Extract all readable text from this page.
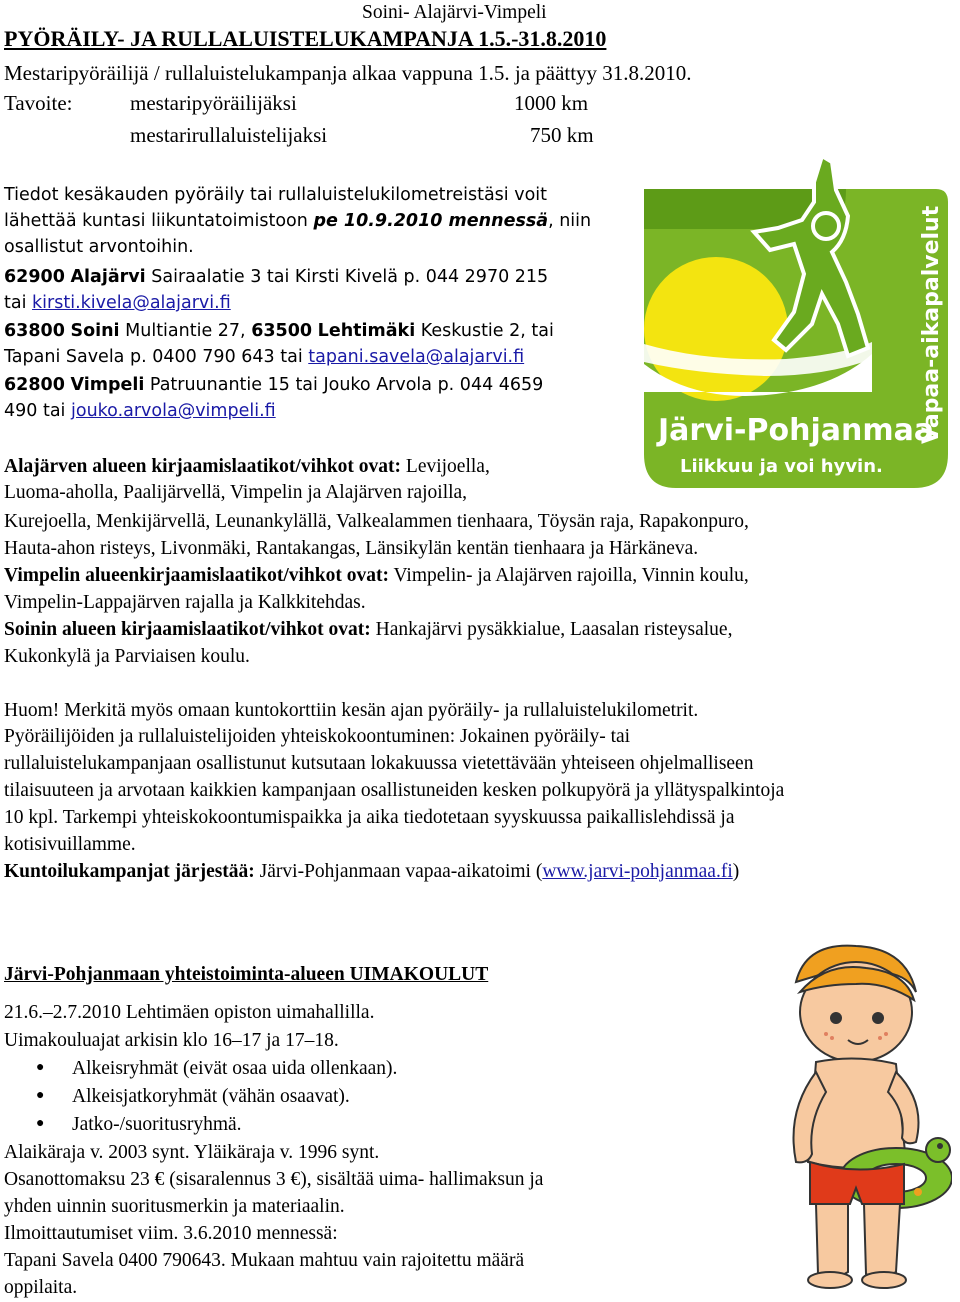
Soini- Alajärvi-Vimpeli
PYÖRÄILY- JA RULLALUISTELUKAMPANJA 1.5.-31.8.2010
Mestaripyöräilijä / rullaluistelukampanja alkaa vappuna 1.5. ja päättyy 31.8.2010.
Tavoite:	mestaripyöräilijäksi	1000 km
mestarirullaluistelijaksi	750 km
Tiedot kesäkauden pyöräily tai rullaluistelukilometreistäsi voit
lähettää kuntasi liikuntatoimistoon pe 10.9.2010 mennessä, niin
osallistut arvontoihin.
62900 Alajärvi Sairaalatie 3 tai Kirsti Kivelä p. 044 2970 215
tai kirsti.kivela@alajarvi.fi
63800 Soini Multiantie 27, 63500 Lehtimäki Keskustie 2, tai
Tapani Savela p. 0400 790 643 tai tapani.savela@alajarvi.fi
62800 Vimpeli Patruunantie 15 tai Jouko Arvola p. 044 4659
490 tai jouko.arvola@vimpeli.fi
Alajärven alueen kirjaamislaatikot/vihkot ovat: Levijoella,
Luoma-aholla, Paalijärvellä, Vimpelin ja Alajärven rajoilla,
Kurejoella, Menkijärvellä, Leunankylällä, Valkealammen tienhaara, Töysän raja, Rapakonpuro,
Hauta-ahon risteys, Livonmäki, Rantakangas, Länsikylän kentän tienhaara ja Härkäneva.
Vimpelin alueenkirjaamislaatikot/vihkot ovat: Vimpelin- ja Alajärven rajoilla, Vinnin koulu,
Vimpelin-Lappajärven rajalla ja Kalkkitehdas.
Soinin alueen kirjaamislaatikot/vihkot ovat: Hankajärvi pysäkkialue, Laasalan risteysalue,
Kukonkylä ja Parviaisen koulu.
Huom! Merkitä myös omaan kuntokorttiin kesän ajan pyöräily- ja rullaluistelukilometrit.
Pyöräilijöiden ja rullaluistelijoiden yhteiskokoontuminen: Jokainen pyöräily- tai
rullaluistelukampanjaan osallistunut kutsutaan lokakuussa vietettävään yhteiseen ohjelmalliseen
tilaisuuteen ja arvotaan kaikkien kampanjaan osallistuneiden kesken polkupyörä ja yllätyspalkintoja
10 kpl. Tarkempi yhteiskokoontumispaikka ja aika tiedotetaan syyskuussa paikallislehdissä ja
kotisivuillamme.
Kuntoilukampanjat järjestää: Järvi-Pohjanmaan vapaa-aikatoimi (www.jarvi-pohjanmaa.fi)
Järvi-Pohjanmaan yhteistoiminta-alueen UIMAKOULUT
21.6.–2.7.2010 Lehtimäen opiston uimahallilla.
Uimakouluajat arkisin klo 16–17 ja 17–18.
● Alkeisryhmät (eivät osaa uida ollenkaan).
● Alkeisjatkoryhmät (vähän osaavat).
● Jatko-/suoritusryhmä.
Alaikäraja v. 2003 synt. Yläikäraja v. 1996 synt.
Osanottomaksu 23 € (sisaralennus 3 €), sisältää uima- hallimaksun ja
yhden uinnin suoritusmerkin ja materiaalin.
Ilmoittautumiset viim. 3.6.2010 mennessä:
Tapani Savela 0400 790643. Mukaan mahtuu vain rajoitettu määrä
oppilaita.
Järvi-Pohjanmaa
Liikkuu ja voi hyvin.
Vapaa-aikapalvelut
